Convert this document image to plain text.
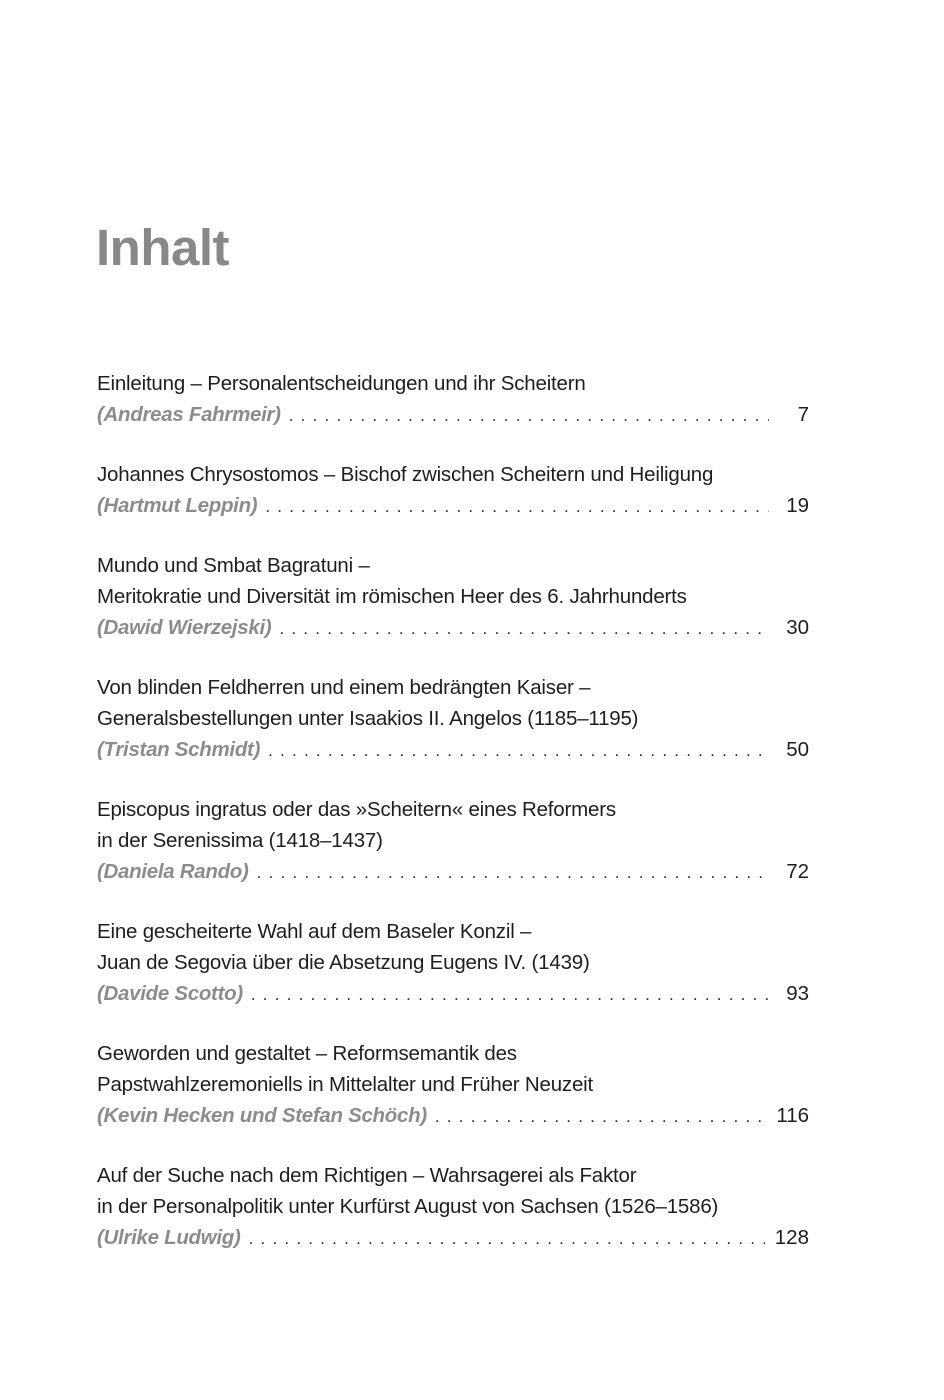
Inhalt
Einleitung – Personalentscheidungen und ihr Scheitern
(Andreas Fahrmeir) . . .	7
Johannes Chrysostomos – Bischof zwischen Scheitern und Heiligung
(Hartmut Leppin) . . .	19
Mundo und Smbat Bagratuni –
Meritokratie und Diversität im römischen Heer des 6. Jahrhunderts
(Dawid Wierzejski) . . .	30
Von blinden Feldherren und einem bedrängten Kaiser –
Generalsbestellungen unter Isaakios II. Angelos (1185–1195)
(Tristan Schmidt) . . .	50
Episcopus ingratus oder das »Scheitern« eines Reformers
in der Serenissima (1418–1437)
(Daniela Rando) . . .	72
Eine gescheiterte Wahl auf dem Baseler Konzil –
Juan de Segovia über die Absetzung Eugens IV. (1439)
(Davide Scotto) . . .	93
Geworden und gestaltet – Reformsemantik des
Papstwahlzeremoniells in Mittelalter und Früher Neuzeit
(Kevin Hecken und Stefan Schöch) . . .	116
Auf der Suche nach dem Richtigen – Wahrsagerei als Faktor
in der Personalpolitik unter Kurfürst August von Sachsen (1526–1586)
(Ulrike Ludwig) . . .	128
